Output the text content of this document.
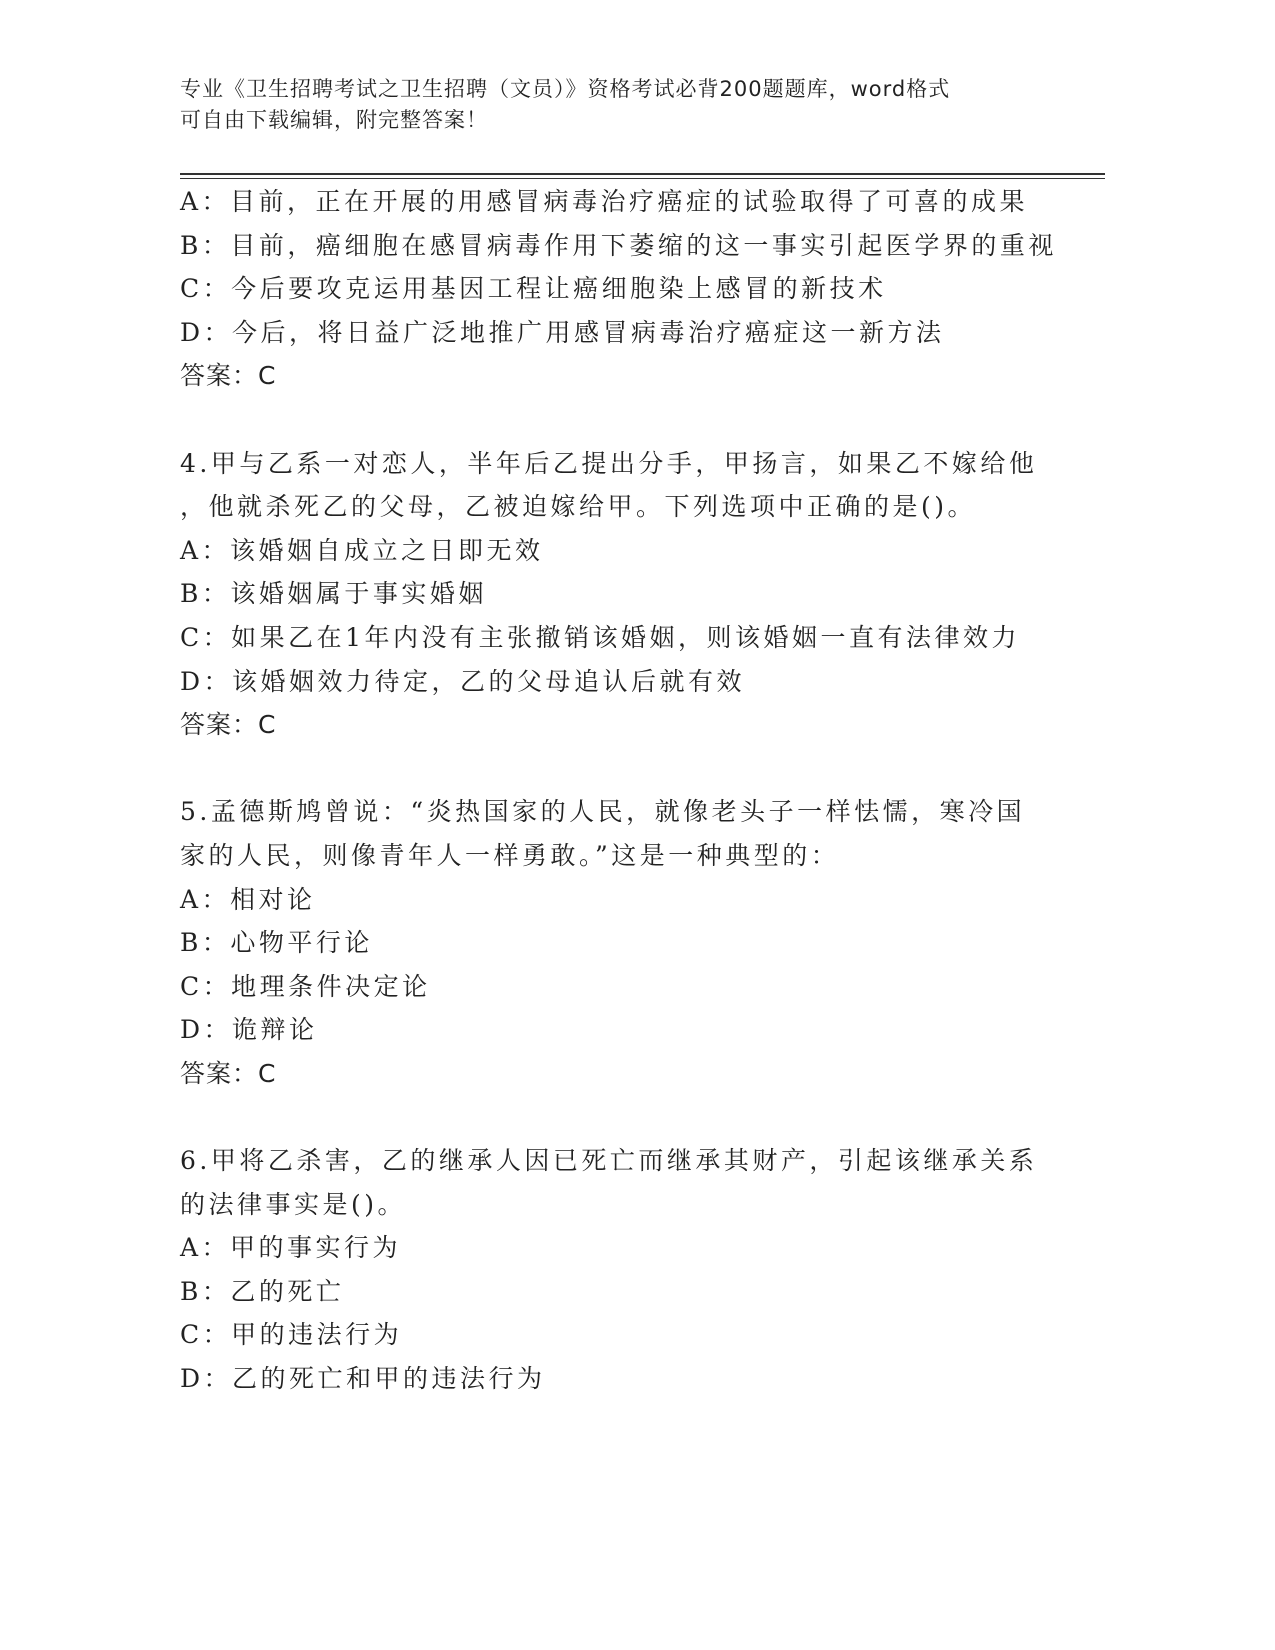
专业《卫生招聘考试之卫生招聘（文员）》资格考试必背200题题库，word格式
可自由下载编辑，附完整答案！
A：目前，正在开展的用感冒病毒治疗癌症的试验取得了可喜的成果
B：目前，癌细胞在感冒病毒作用下萎缩的这一事实引起医学界的重视
C：今后要攻克运用基因工程让癌细胞染上感冒的新技术
D：今后，将日益广泛地推广用感冒病毒治疗癌症这一新方法
答案：C
4.甲与乙系一对恋人，半年后乙提出分手，甲扬言，如果乙不嫁给他
，他就杀死乙的父母，乙被迫嫁给甲。下列选项中正确的是()。
A：该婚姻自成立之日即无效
B：该婚姻属于事实婚姻
C：如果乙在1年内没有主张撤销该婚姻，则该婚姻一直有法律效力
D：该婚姻效力待定，乙的父母追认后就有效
答案：C
5.孟德斯鸠曾说：“炎热国家的人民，就像老头子一样怯懦，寒冷国
家的人民，则像青年人一样勇敢。”这是一种典型的：
A：相对论
B：心物平行论
C：地理条件决定论
D：诡辩论
答案：C
6.甲将乙杀害，乙的继承人因已死亡而继承其财产，引起该继承关系
的法律事实是()。
A：甲的事实行为
B：乙的死亡
C：甲的违法行为
D：乙的死亡和甲的违法行为
